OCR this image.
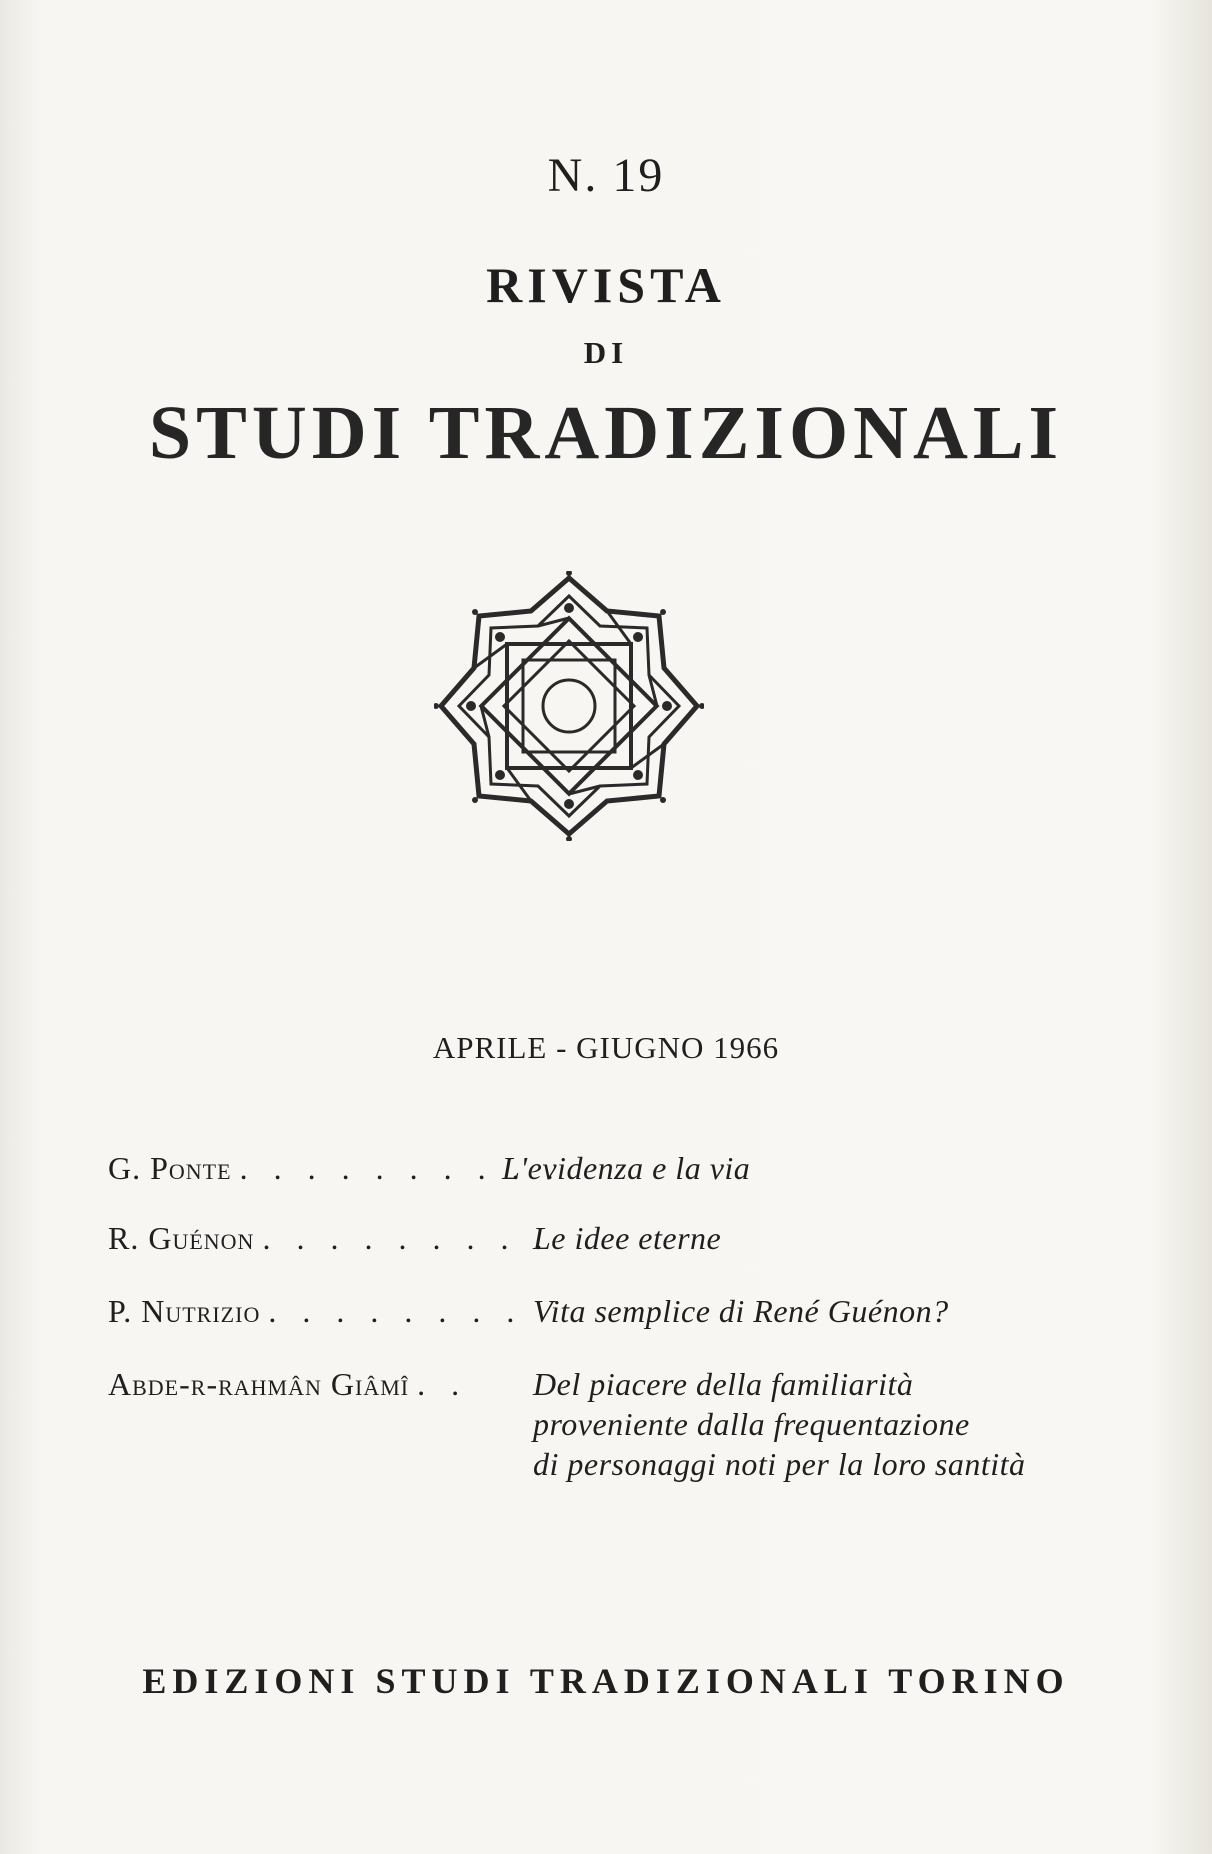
N. 19
RIVISTA
DI
STUDI TRADIZIONALI
APRILE - GIUGNO 1966
G. Ponte . . . . . . . . . .
L'evidenza e la via
R. Guénon . . . . . . . . .
Le idee eterne
P. Nutrizio . . . . . . . . Vita semplice di René Guénon?
Abde-r-rahmân Giâmî . . Del piacere della familiarità
proveniente dalla frequentazione
di personaggi noti per la loro santità
EDIZIONI STUDI TRADIZIONALI TORINO
